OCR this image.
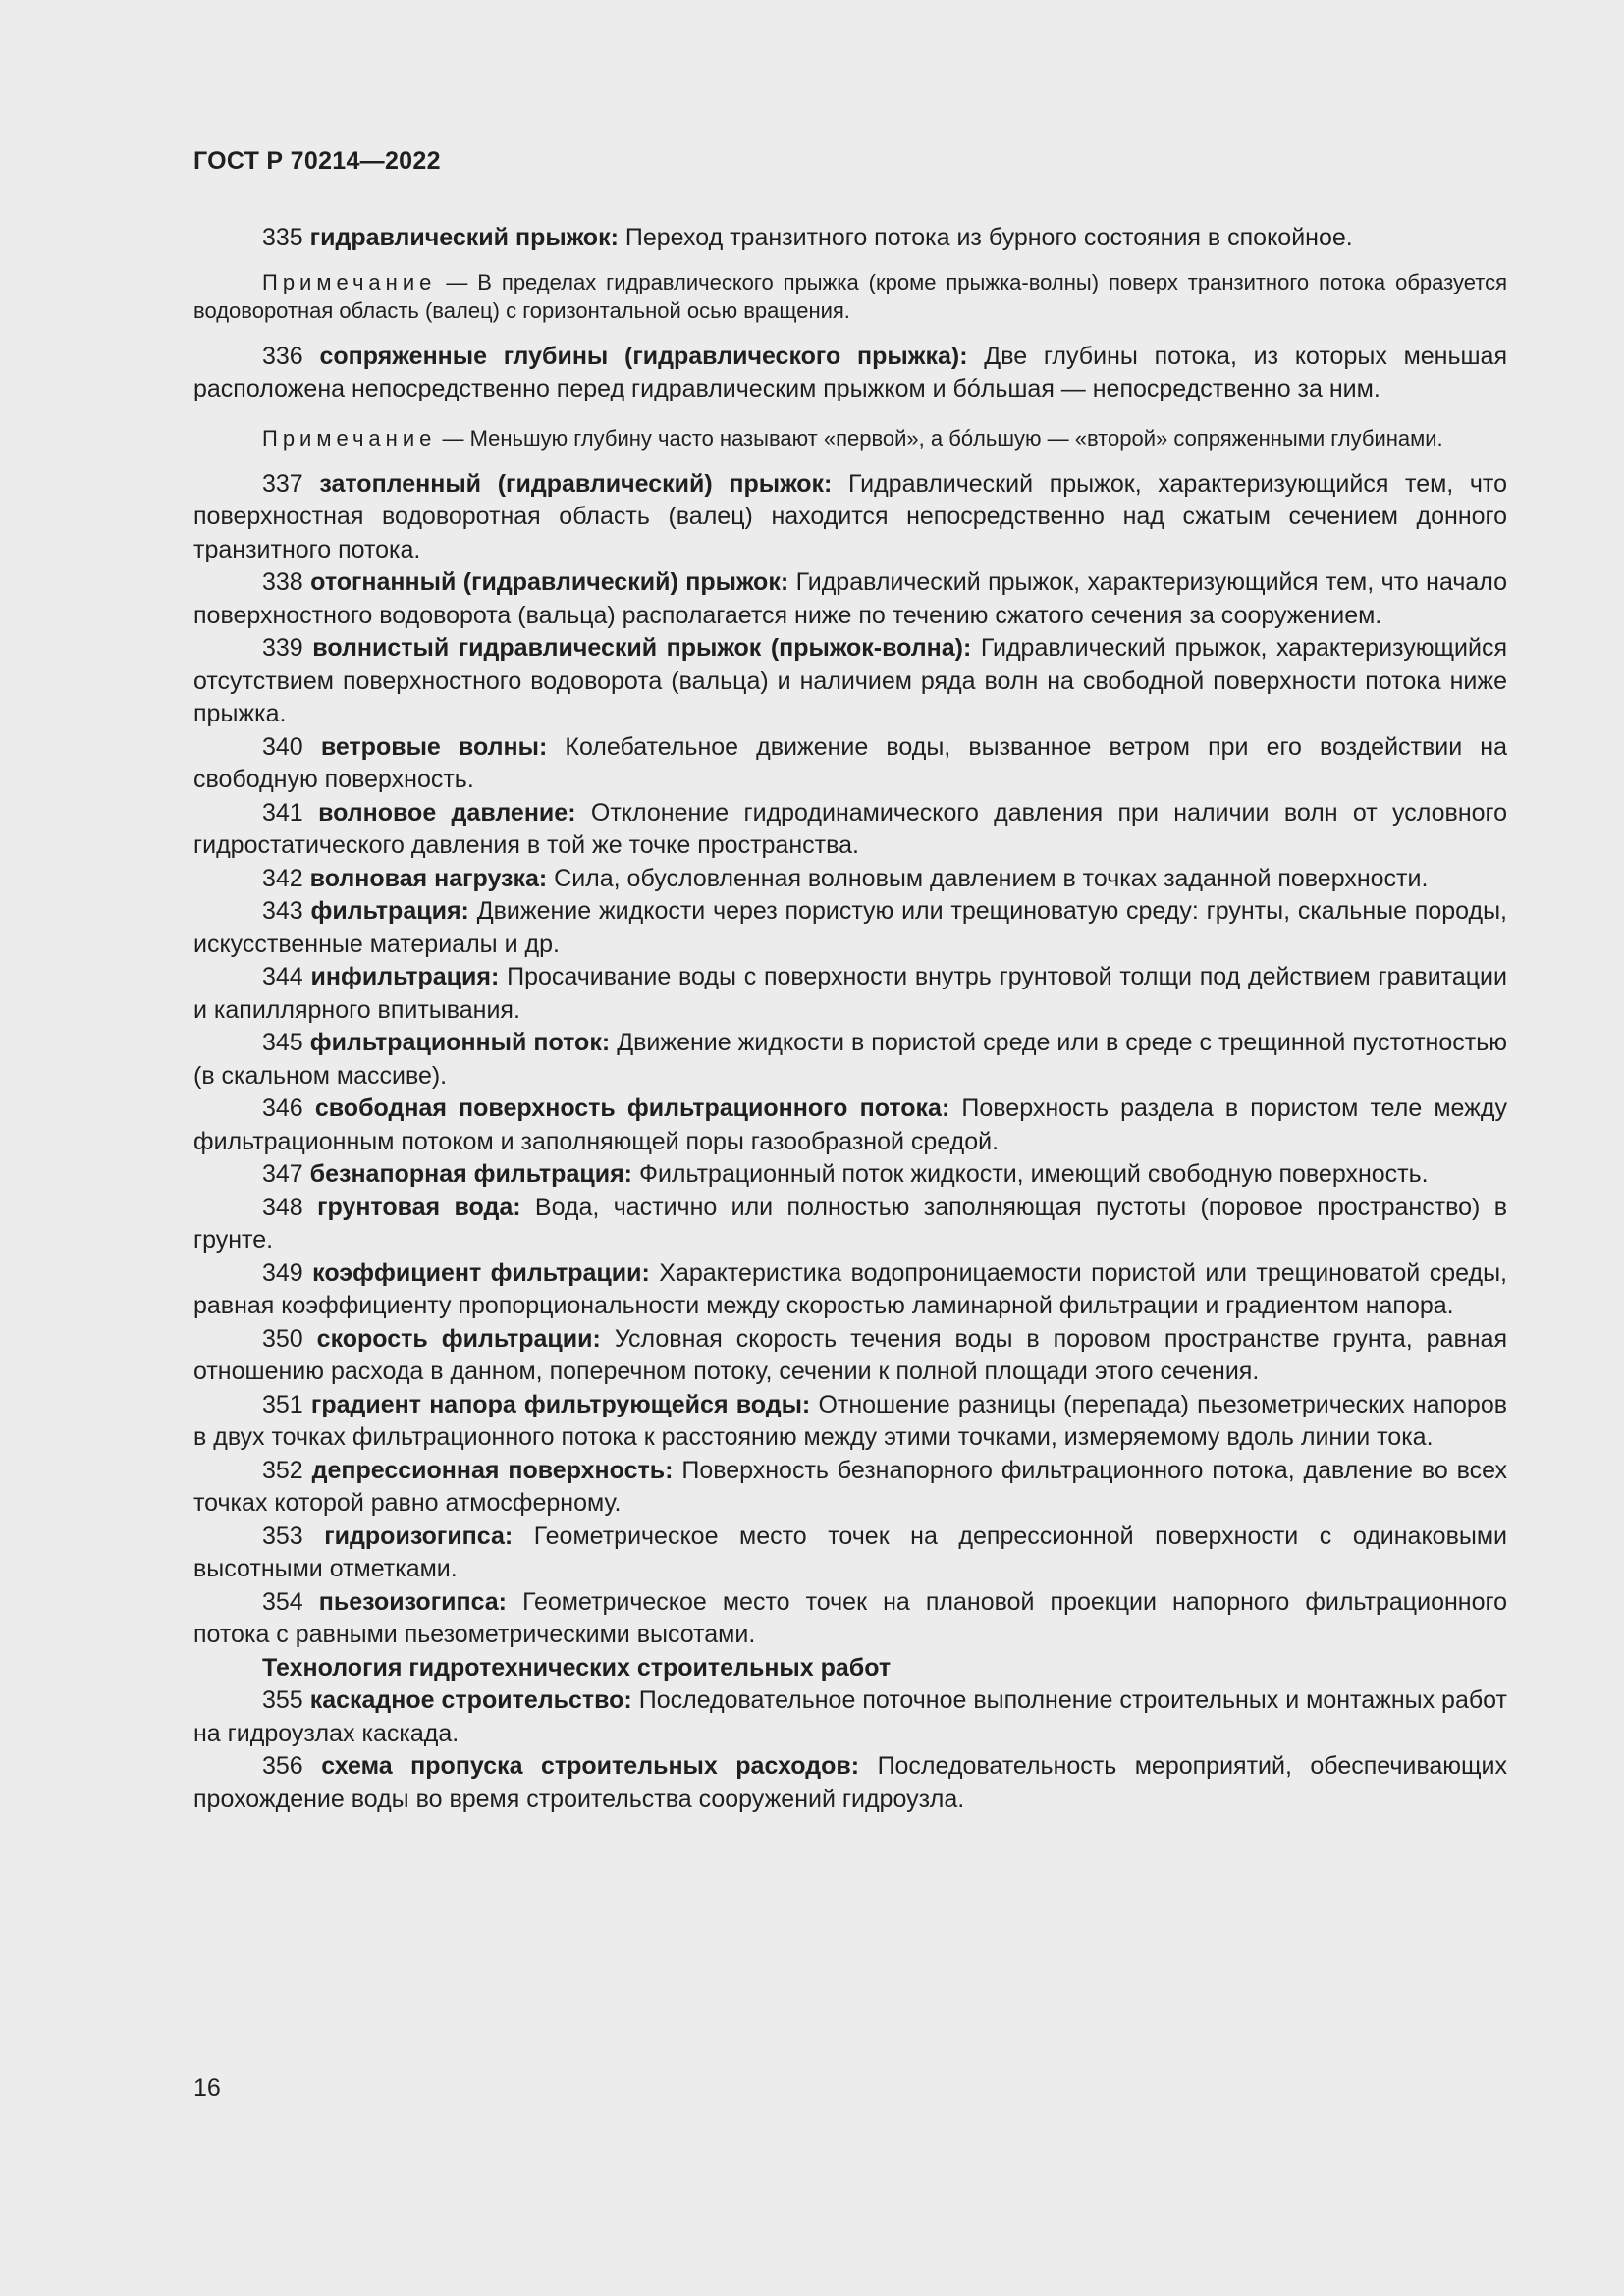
ГОСТ Р 70214—2022

335 гидравлический прыжок: Переход транзитного потока из бурного состояния в спокойное.

Примечание — В пределах гидравлического прыжка (кроме прыжка-волны) поверх транзитного потока образуется водоворотная область (валец) с горизонтальной осью вращения.

336 сопряженные глубины (гидравлического прыжка): Две глубины потока, из которых меньшая расположена непосредственно перед гидравлическим прыжком и бóльшая — непосредственно за ним.

Примечание — Меньшую глубину часто называют «первой», а бóльшую — «второй» сопряженными глубинами.

337 затопленный (гидравлический) прыжок: Гидравлический прыжок, характеризующийся тем, что поверхностная водоворотная область (валец) находится непосредственно над сжатым сечением донного транзитного потока.

338 отогнанный (гидравлический) прыжок: Гидравлический прыжок, характеризующийся тем, что начало поверхностного водоворота (вальца) располагается ниже по течению сжатого сечения за сооружением.

339 волнистый гидравлический прыжок (прыжок-волна): Гидравлический прыжок, характеризующийся отсутствием поверхностного водоворота (вальца) и наличием ряда волн на свободной поверхности потока ниже прыжка.

340 ветровые волны: Колебательное движение воды, вызванное ветром при его воздействии на свободную поверхность.

341 волновое давление: Отклонение гидродинамического давления при наличии волн от условного гидростатического давления в той же точке пространства.

342 волновая нагрузка: Сила, обусловленная волновым давлением в точках заданной поверхности.

343 фильтрация: Движение жидкости через пористую или трещиноватую среду: грунты, скальные породы, искусственные материалы и др.

344 инфильтрация: Просачивание воды с поверхности внутрь грунтовой толщи под действием гравитации и капиллярного впитывания.

345 фильтрационный поток: Движение жидкости в пористой среде или в среде с трещинной пустотностью (в скальном массиве).

346 свободная поверхность фильтрационного потока: Поверхность раздела в пористом теле между фильтрационным потоком и заполняющей поры газообразной средой.

347 безнапорная фильтрация: Фильтрационный поток жидкости, имеющий свободную поверхность.

348 грунтовая вода: Вода, частично или полностью заполняющая пустоты (поровое пространство) в грунте.

349 коэффициент фильтрации: Характеристика водопроницаемости пористой или трещиноватой среды, равная коэффициенту пропорциональности между скоростью ламинарной фильтрации и градиентом напора.

350 скорость фильтрации: Условная скорость течения воды в поровом пространстве грунта, равная отношению расхода в данном, поперечном потоку, сечении к полной площади этого сечения.

351 градиент напора фильтрующейся воды: Отношение разницы (перепада) пьезометрических напоров в двух точках фильтрационного потока к расстоянию между этими точками, измеряемому вдоль линии тока.

352 депрессионная поверхность: Поверхность безнапорного фильтрационного потока, давление во всех точках которой равно атмосферному.

353 гидроизогипса: Геометрическое место точек на депрессионной поверхности с одинаковыми высотными отметками.

354 пьезоизогипса: Геометрическое место точек на плановой проекции напорного фильтрационного потока с равными пьезометрическими высотами.

Технология гидротехнических строительных работ

355 каскадное строительство: Последовательное поточное выполнение строительных и монтажных работ на гидроузлах каскада.

356 схема пропуска строительных расходов: Последовательность мероприятий, обеспечивающих прохождение воды во время строительства сооружений гидроузла.

16
